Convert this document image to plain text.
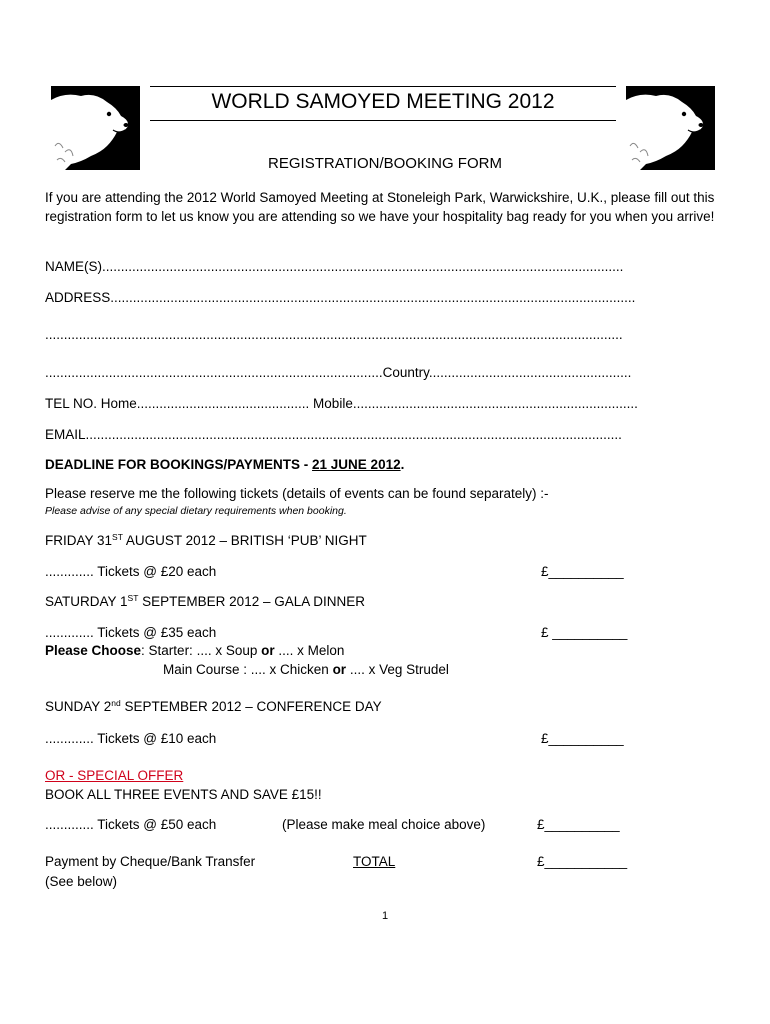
WORLD SAMOYED MEETING 2012
REGISTRATION/BOOKING FORM
If you are attending the 2012 World Samoyed Meeting at Stoneleigh Park, Warwickshire, U.K., please fill out this registration form to let us know you are attending so we have your hospitality bag ready for you when you arrive!
NAME(S)...........................................................................................................................................
ADDRESS............................................................................................................................................
..........................................................................................................................................................
..........................................................................................Country......................................................
TEL NO. Home.............................................. Mobile............................................................................
EMAIL...............................................................................................................................................
DEADLINE FOR BOOKINGS/PAYMENTS - 21 JUNE 2012.
Please reserve me the following tickets (details of events can be found separately) :-
Please advise of any special dietary requirements when booking.
FRIDAY 31ST AUGUST 2012 – BRITISH ‘PUB’ NIGHT
............. Tickets @ £20 each	£__________
SATURDAY 1ST SEPTEMBER 2012 – GALA DINNER
............. Tickets @ £35 each	£ __________
Please Choose: Starter: .... x Soup or .... x Melon
Main Course : .... x Chicken or .... x Veg Strudel
SUNDAY 2nd SEPTEMBER 2012 – CONFERENCE DAY
............. Tickets @ £10 each	£__________
OR - SPECIAL OFFER
BOOK ALL THREE EVENTS AND SAVE £15!!
............. Tickets @ £50 each	(Please make meal choice above)	£__________
Payment by Cheque/Bank Transfer	TOTAL	£___________
(See below)
1
